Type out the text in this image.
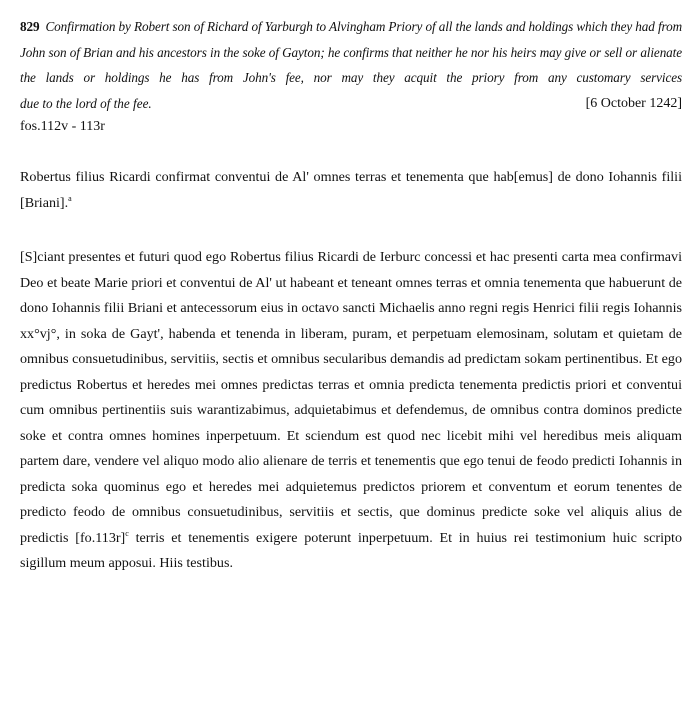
829 Confirmation by Robert son of Richard of Yarburgh to Alvingham Priory of all the lands and holdings which they had from John son of Brian and his ancestors in the soke of Gayton; he confirms that neither he nor his heirs may give or sell or alienate the lands or holdings he has from John's fee, nor may they acquit the priory from any customary services
due to the lord of the fee.	[6 October 1242]
fos.112v - 113r
Robertus filius Ricardi confirmat conventui de Al' omnes terras et tenementa que hab[emus] de dono Iohannis filii [Briani].$^a$
[S]ciant presentes et futuri quod ego Robertus filius Ricardi de Ierburc concessi et hac presenti carta mea confirmavi Deo et beate Marie priori et conventui de Al' ut habeant et teneant omnes terras et omnia tenementa que habuerunt de dono Iohannis filii Briani et antecessorum eius in octavo sancti Michaelis anno regni regis Henrici filii regis Iohannis xx°vj°, in soka de Gayt', habenda et tenenda in liberam, puram, et perpetuam elemosinam, solutam et quietam de omnibus consuetudinibus, servitiis, sectis et omnibus secularibus demandis ad predictam sokam pertinentibus. Et ego predictus Robertus et heredes mei omnes predictas terras et omnia predicta tenementa predictis priori et conventui cum omnibus pertinentiis suis warantizabimus, adquietabimus et defendemus, de omnibus contra dominos predicte soke et contra omnes homines inperpetuum. Et sciendum est quod nec licebit mihi vel heredibus meis aliquam partem dare, vendere vel aliquo modo alio alienare de terris et tenementis que ego tenui de feodo predicti Iohannis in predicta soka quominus ego et heredes mei adquietemus predictos priorem et conventum et eorum tenentes de predicto feodo de omnibus consuetudinibus, servitiis et sectis, que dominus predicte soke vel aliquis alius de predictis [fo.113r]$^c$ terris et tenementis exigere poterunt inperpetuum. Et in huius rei testimonium huic scripto sigillum meum apposui. Hiis testibus.
